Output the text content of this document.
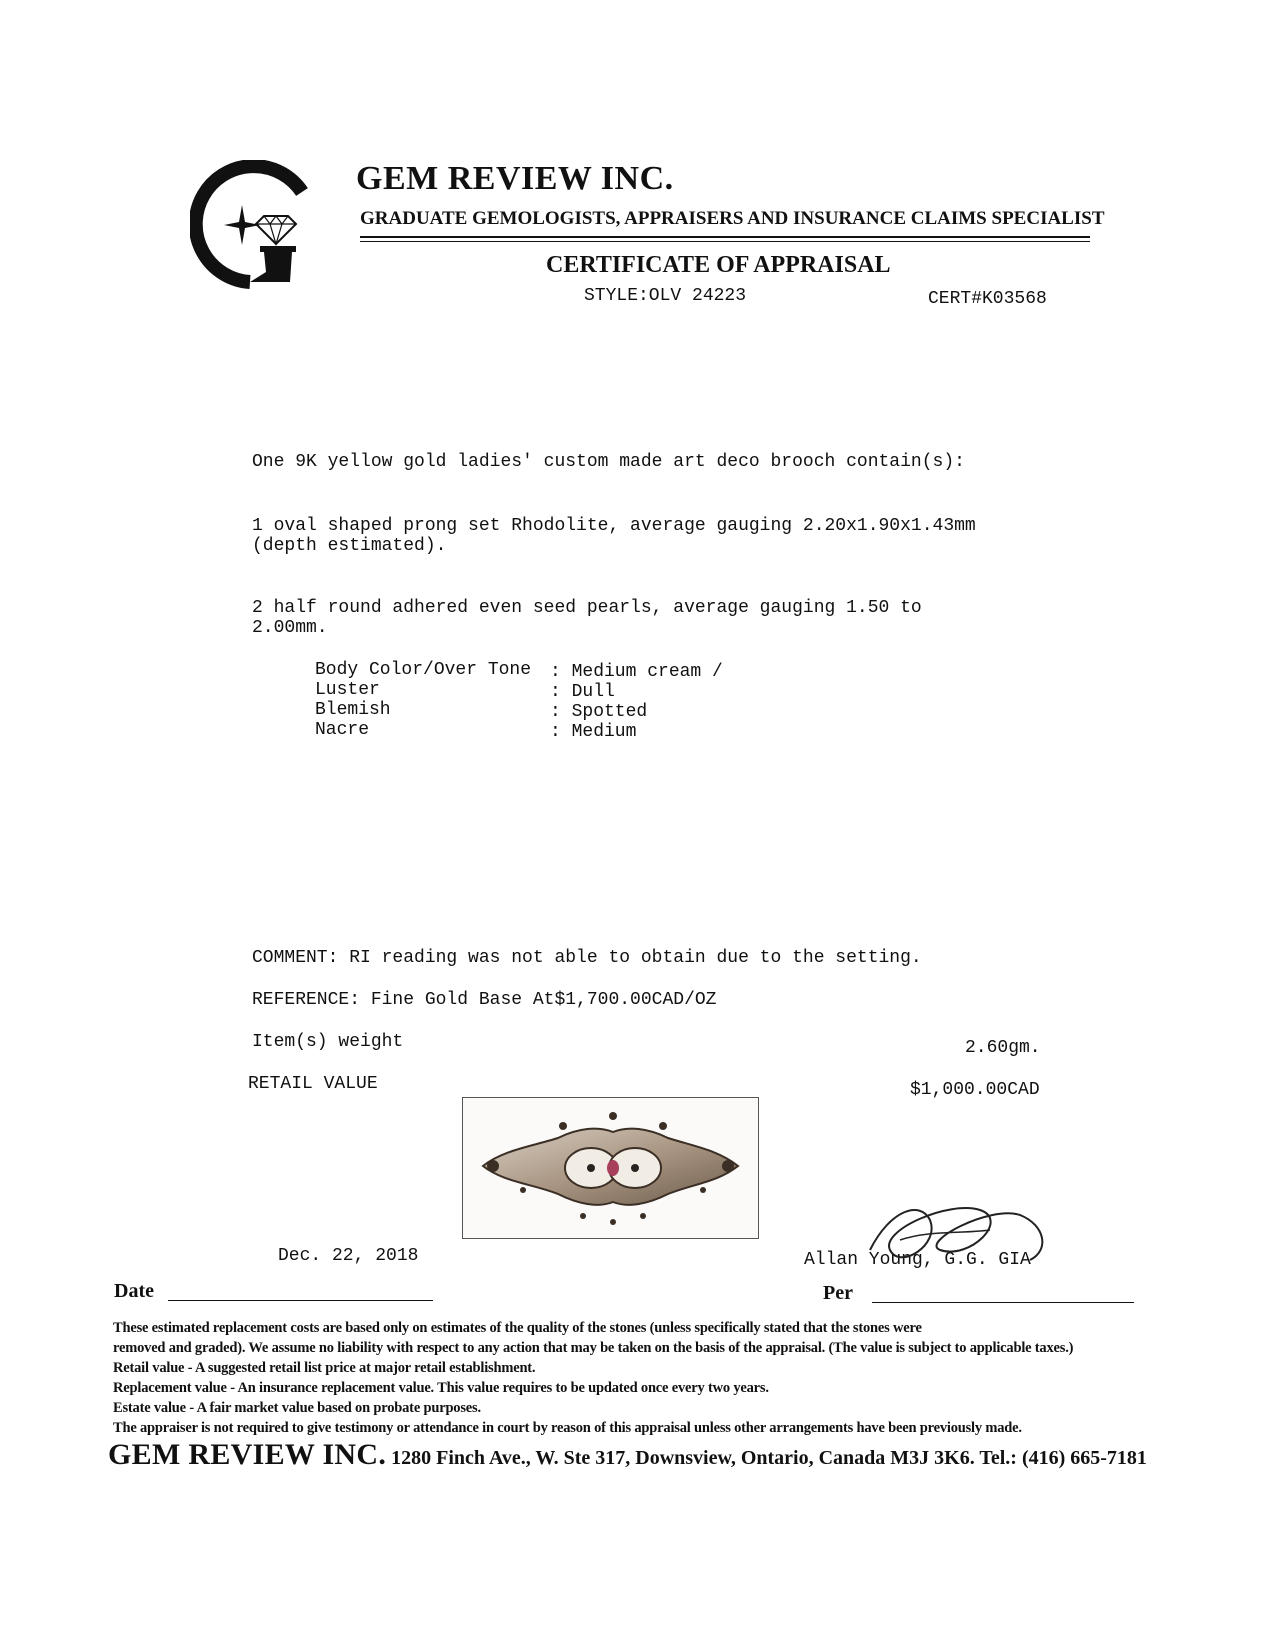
GEM REVIEW INC.
GRADUATE GEMOLOGISTS, APPRAISERS AND INSURANCE CLAIMS SPECIALIST
CERTIFICATE OF APPRAISAL
STYLE:OLV 24223	CERT#K03568
One 9K yellow gold ladies' custom made art deco brooch contain(s):
1 oval shaped prong set Rhodolite, average gauging 2.20x1.90x1.43mm
(depth estimated).
2 half round adhered even seed pearls, average gauging 1.50 to
2.00mm.
Body Color/Over Tone : Medium cream /
Luster	: Dull
Blemish	: Spotted
Nacre	: Medium
COMMENT: RI reading was not able to obtain due to the setting.
REFERENCE: Fine Gold Base At$1,700.00CAD/OZ
Item(s) weight	2.60gm.
RETAIL VALUE	$1,000.00CAD
Dec. 22, 2018	Allan Young, G.G. GIA
Date	Per
These estimated replacement costs are based only on estimates of the quality of the stones (unless specifically stated that the stones were
removed and graded). We assume no liability with respect to any action that may be taken on the basis of the appraisal. (The value is subject to applicable taxes.)
Retail value - A suggested retail list price at major retail establishment.
Replacement value - An insurance replacement value. This value requires to be updated once every two years.
Estate value - A fair market value based on probate purposes.
The appraiser is not required to give testimony or attendance in court by reason of this appraisal unless other arrangements have been previously made.
GEM REVIEW INC. 1280 Finch Ave., W. Ste 317, Downsview, Ontario, Canada M3J 3K6. Tel.: (416) 665-7181
